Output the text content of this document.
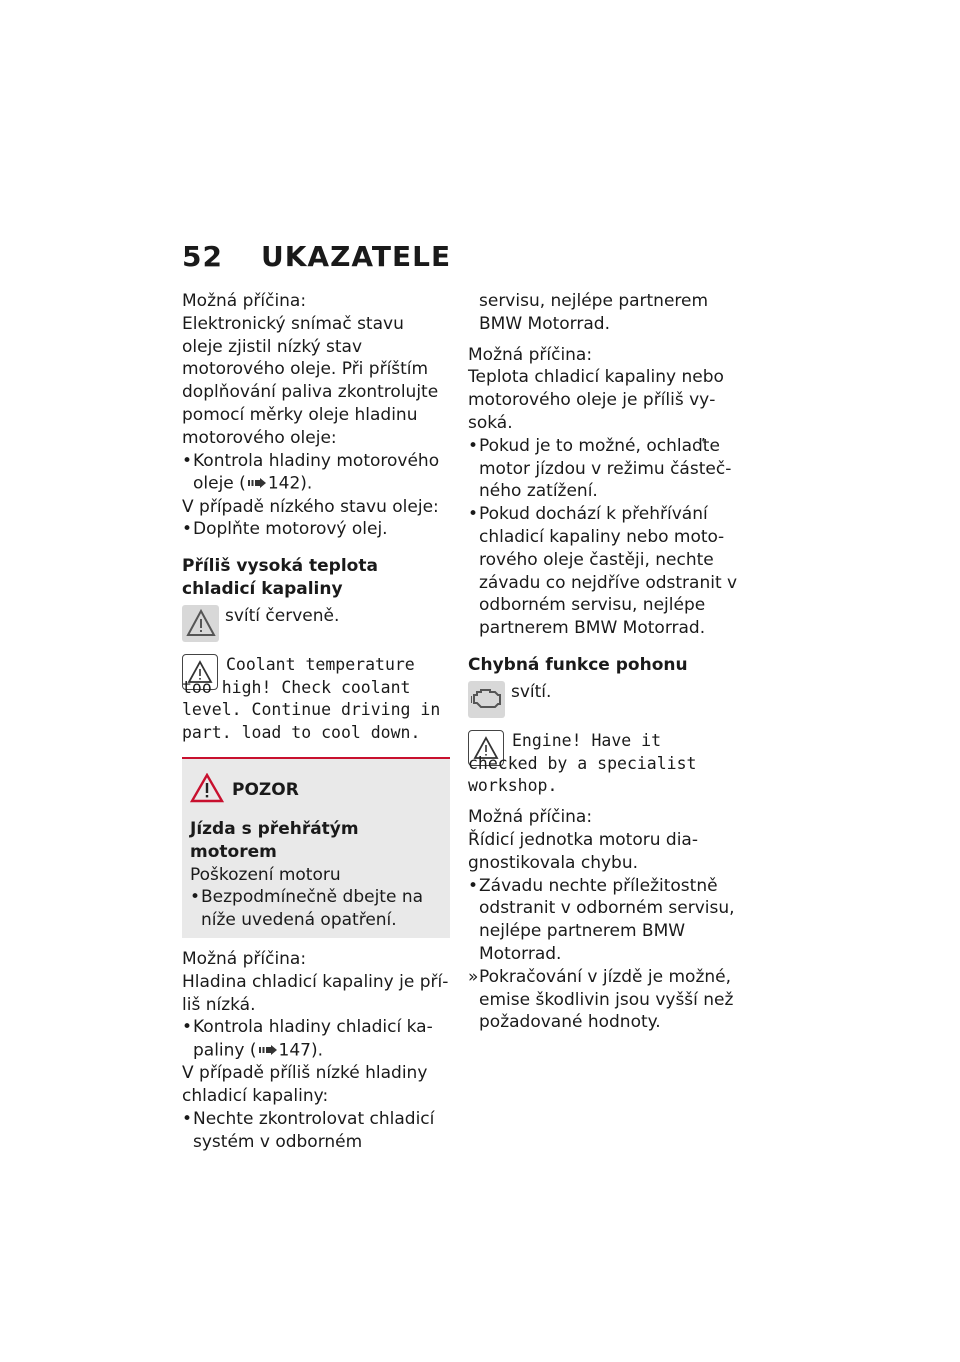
52 UKAZATELE

Možná příčina:

Elektronický snímač stavu oleje zjistil nízký stav motorového oleje. Při příštím doplňování paliva zkontrolujte pomocí měrky oleje hladinu motorového oleje:

• Kontrola hladiny motorového oleje ( 142).

V případě nízkého stavu oleje:

• Doplňte motorový olej.

Příliš vysoká teplota chladicí kapaliny

svítí červeně.

Coolant temperature too high! Check coolant level. Continue driving in part. load to cool down.

POZOR

Jízda s přehřátým motorem

Poškození motoru

• Bezpodmínečně dbejte na níže uvedená opatření.

Možná příčina:

Hladina chladicí kapaliny je příliš nízká.

• Kontrola hladiny chladicí kapaliny ( 147).

V případě příliš nízké hladiny chladicí kapaliny:

• Nechte zkontrolovat chladicí systém v odborném

servisu, nejlépe partnerem BMW Motorrad.

Možná příčina:

Teplota chladicí kapaliny nebo motorového oleje je příliš vysoká.

• Pokud je to možné, ochlaďte motor jízdou v režimu částečného zatížení.

• Pokud dochází k přehřívání chladicí kapaliny nebo motorového oleje častěji, nechte závadu co nejdříve odstranit v odborném servisu, nejlépe partnerem BMW Motorrad.

Chybná funkce pohonu

svítí.

Engine! Have it checked by a specialist workshop.

Možná příčina:

Řídicí jednotka motoru diagnostikovala chybu.

• Závadu nechte příležitostně odstranit v odborném servisu, nejlépe partnerem BMW Motorrad.

» Pokračování v jízdě je možné, emise škodlivin jsou vyšší než požadované hodnoty.
